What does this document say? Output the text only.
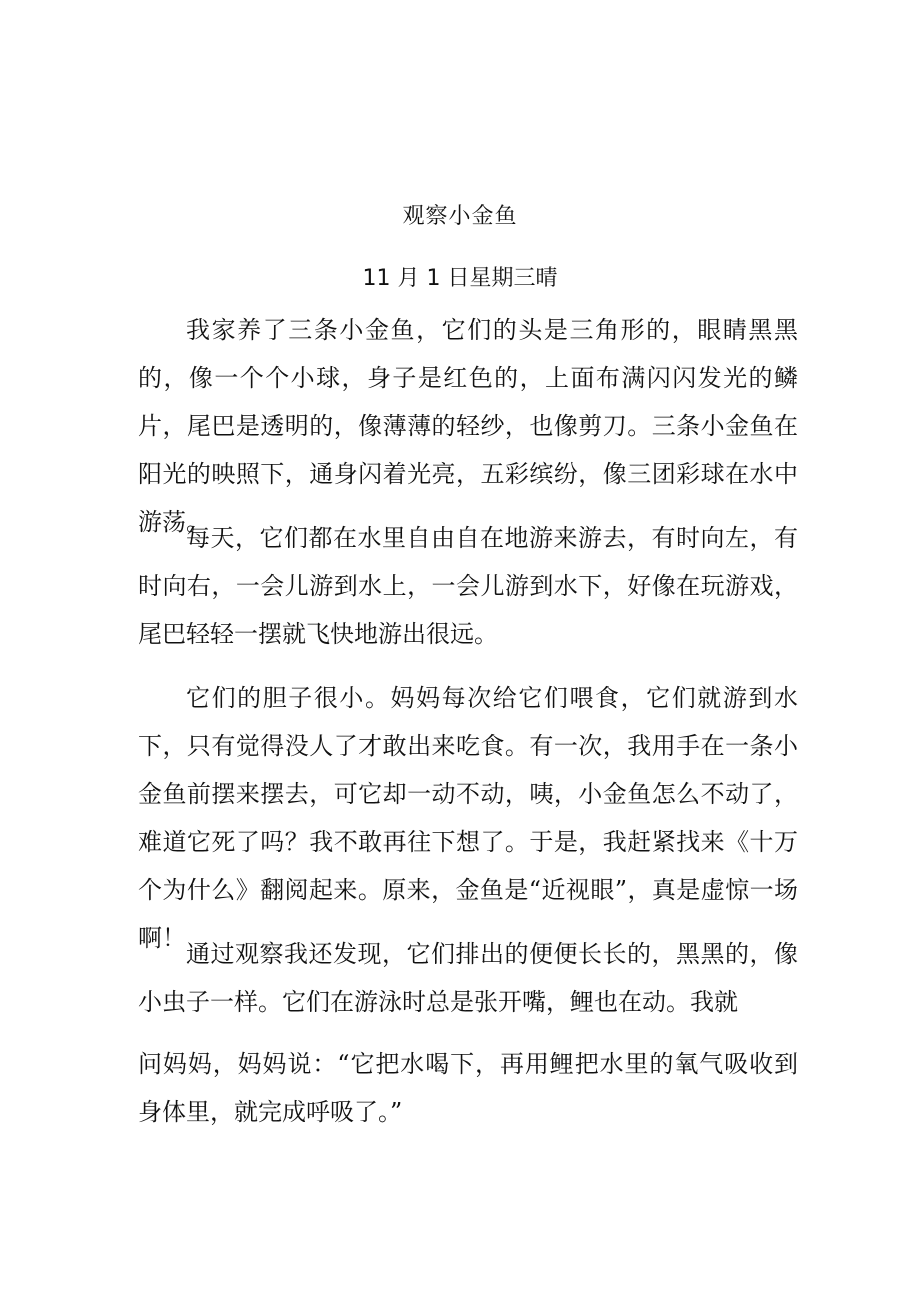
观察小金鱼
11 月 1 日星期三晴

我家养了三条小金鱼，它们的头是三角形的，眼睛黑黑的，像一个个小球，身子是红色的，上面布满闪闪发光的鳞片，尾巴是透明的，像薄薄的轻纱，也像剪刀。三条小金鱼在阳光的映照下，通身闪着光亮，五彩缤纷，像三团彩球在水中游荡。

每天，它们都在水里自由自在地游来游去，有时向左，有时向右，一会儿游到水上，一会儿游到水下，好像在玩游戏，尾巴轻轻一摆就飞快地游出很远。

它们的胆子很小。妈妈每次给它们喂食，它们就游到水下，只有觉得没人了才敢出来吃食。有一次，我用手在一条小金鱼前摆来摆去，可它却一动不动，咦，小金鱼怎么不动了，难道它死了吗？我不敢再往下想了。于是，我赶紧找来《十万个为什么》翻阅起来。原来，金鱼是“近视眼”，真是虚惊一场啊！

通过观察我还发现，它们排出的便便长长的，黑黑的，像小虫子一样。它们在游泳时总是张开嘴，鲤也在动。我就

问妈妈，妈妈说：“它把水喝下，再用鲤把水里的氧气吸收到身体里，就完成呼吸了。”
